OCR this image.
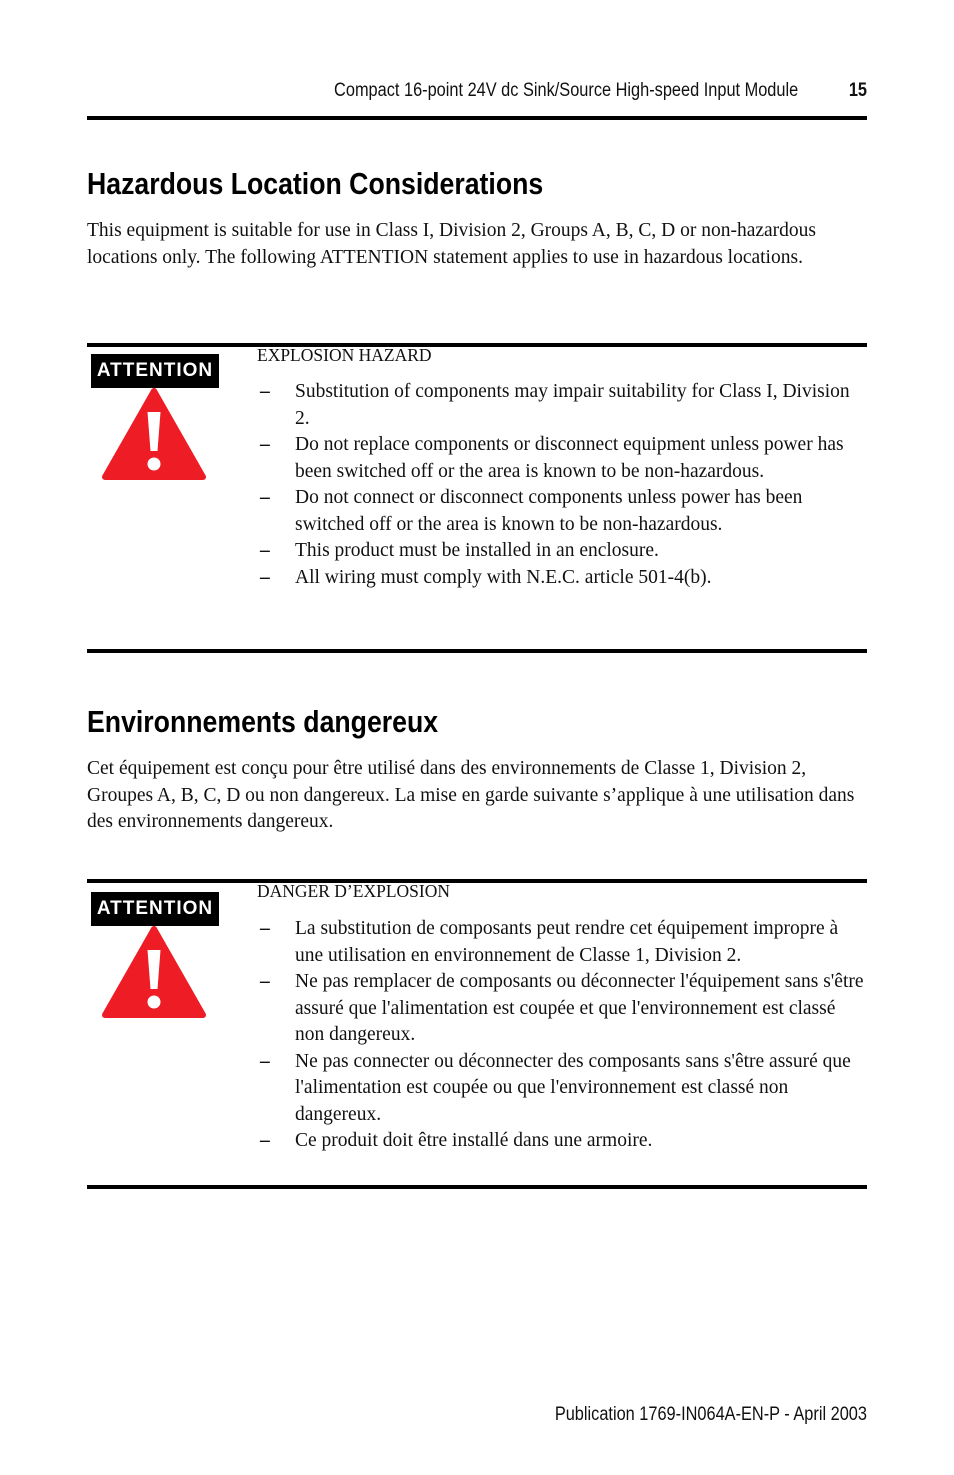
Compact 16-point 24V dc Sink/Source High-speed Input Module	15
Hazardous Location Considerations

This equipment is suitable for use in Class I, Division 2, Groups A, B, C, D or non-hazardous locations only. The following ATTENTION statement applies to use in hazardous locations.

ATTENTION
EXPLOSION HAZARD
– Substitution of components may impair suitability for Class I, Division 2.
– Do not replace components or disconnect equipment unless power has been switched off or the area is known to be non-hazardous.
– Do not connect or disconnect components unless power has been switched off or the area is known to be non-hazardous.
– This product must be installed in an enclosure.
– All wiring must comply with N.E.C. article 501-4(b).
Environnements dangereux

Cet équipement est conçu pour être utilisé dans des environnements de Classe 1, Division 2, Groupes A, B, C, D ou non dangereux. La mise en garde suivante s’applique à une utilisation dans des environnements dangereux.

ATTENTION
DANGER D’EXPLOSION
– La substitution de composants peut rendre cet équipement impropre à une utilisation en environnement de Classe 1, Division 2.
– Ne pas remplacer de composants ou déconnecter l'équipement sans s'être assuré que l'alimentation est coupée et que l'environnement est classé non dangereux.
– Ne pas connecter ou déconnecter des composants sans s'être assuré que l'alimentation est coupée ou que l'environnement est classé non dangereux.
– Ce produit doit être installé dans une armoire.
Publication 1769-IN064A-EN-P - April 2003
